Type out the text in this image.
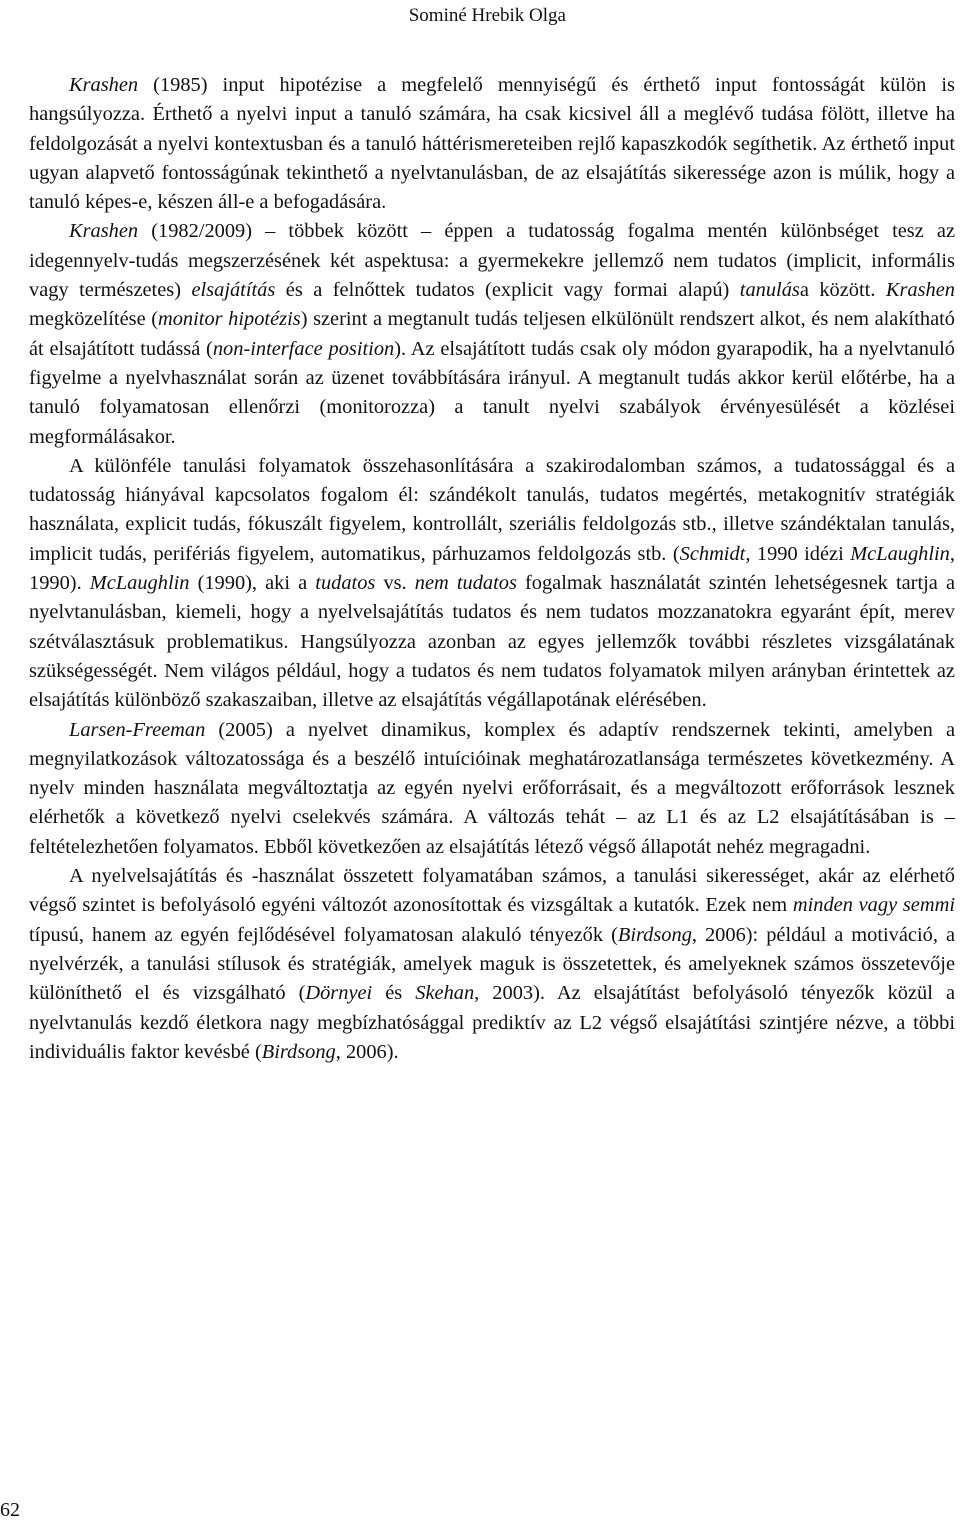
Sominé Hrebik Olga

Krashen (1985) input hipotézise a megfelelő mennyiségű és érthető input fontosságát külön is hangsúlyozza. Érthető a nyelvi input a tanuló számára, ha csak kicsivel áll a meglévő tudása fölött, illetve ha feldolgozását a nyelvi kontextusban és a tanuló háttérismereteiben rejlő kapaszkodók segíthetik. Az érthető input ugyan alapvető fontosságúnak tekinthető a nyelvtanulásban, de az elsajátítás sikeressége azon is múlik, hogy a tanuló képes-e, készen áll-e a befogadására.

Krashen (1982/2009) – többek között – éppen a tudatosság fogalma mentén különbséget tesz az idegennyelv-tudás megszerzésének két aspektusa: a gyermekekre jellemző nem tudatos (implicit, informális vagy természetes) elsajátítás és a felnőttek tudatos (explicit vagy formai alapú) tanulása között. Krashen megközelítése (monitor hipotézis) szerint a megtanult tudás teljesen elkülönült rendszert alkot, és nem alakítható át elsajátított tudássá (non-interface position). Az elsajátított tudás csak oly módon gyarapodik, ha a nyelvtanuló figyelme a nyelvhasználat során az üzenet továbbítására irányul. A megtanult tudás akkor kerül előtérbe, ha a tanuló folyamatosan ellenőrzi (monitorozza) a tanult nyelvi szabályok érvényesülését a közlései megformálásakor.

A különféle tanulási folyamatok összehasonlítására a szakirodalomban számos, a tudatossággal és a tudatosság hiányával kapcsolatos fogalom él: szándékolt tanulás, tudatos megértés, metakognitív stratégiák használata, explicit tudás, fókuszált figyelem, kontrollált, szeriális feldolgozás stb., illetve szándéktalan tanulás, implicit tudás, perifériás figyelem, automatikus, párhuzamos feldolgozás stb. (Schmidt, 1990 idézi McLaughlin, 1990). McLaughlin (1990), aki a tudatos vs. nem tudatos fogalmak használatát szintén lehetségesnek tartja a nyelvtanulásban, kiemeli, hogy a nyelvelsajátítás tudatos és nem tudatos mozzanatokra egyaránt épít, merev szétválasztásuk problematikus. Hangsúlyozza azonban az egyes jellemzők további részletes vizsgálatának szükségességét. Nem világos például, hogy a tudatos és nem tudatos folyamatok milyen arányban érintettek az elsajátítás különböző szakaszaiban, illetve az elsajátítás végállapotának elérésében.

Larsen-Freeman (2005) a nyelvet dinamikus, komplex és adaptív rendszernek tekinti, amelyben a megnyilatkozások változatossága és a beszélő intuícióinak meghatározatlansága természetes következmény. A nyelv minden használata megváltoztatja az egyén nyelvi erőforrásait, és a megváltozott erőforrások lesznek elérhetők a következő nyelvi cselekvés számára. A változás tehát – az L1 és az L2 elsajátításában is – feltételezhetően folyamatos. Ebből következően az elsajátítás létező végső állapotát nehéz megragadni.

A nyelvelsajátítás és -használat összetett folyamatában számos, a tanulási sikerességet, akár az elérhető végső szintet is befolyásoló egyéni változót azonosítottak és vizsgáltak a kutatók. Ezek nem minden vagy semmi típusú, hanem az egyén fejlődésével folyamatosan alakuló tényezők (Birdsong, 2006): például a motiváció, a nyelvérzék, a tanulási stílusok és stratégiák, amelyek maguk is összetettek, és amelyeknek számos összetevője különíthető el és vizsgálható (Dörnyei és Skehan, 2003). Az elsajátítást befolyásoló tényezők közül a nyelvtanulás kezdő életkora nagy megbízhatósággal prediktív az L2 végső elsajátítási szintjére nézve, a többi individuális faktor kevésbé (Birdsong, 2006).

62
